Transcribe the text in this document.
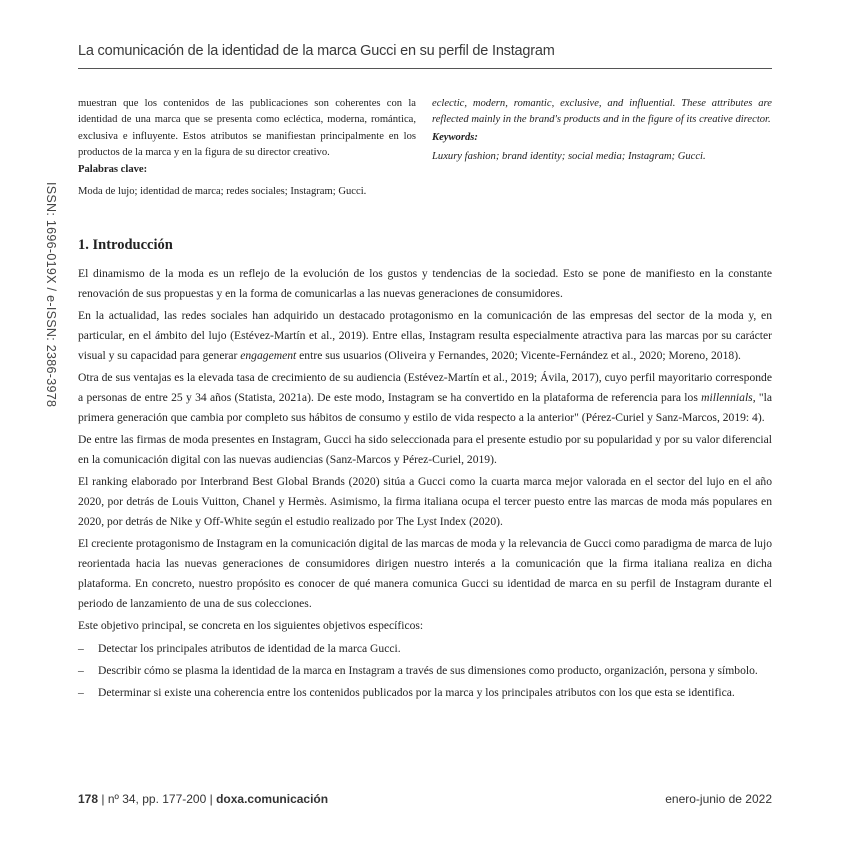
La comunicación de la identidad de la marca Gucci en su perfil de Instagram
ISSN: 1696-019X / e-ISSN: 2386-3978
muestran que los contenidos de las publicaciones son coherentes con la identidad de una marca que se presenta como ecléctica, moderna, romántica, exclusiva e influyente. Estos atributos se manifiestan principalmente en los productos de la marca y en la figura de su director creativo.
Palabras clave:
Moda de lujo; identidad de marca; redes sociales; Instagram; Gucci.
eclectic, modern, romantic, exclusive, and influential. These attributes are reflected mainly in the brand's products and in the figure of its creative director.
Keywords:
Luxury fashion; brand identity; social media; Instagram; Gucci.
1. Introducción

El dinamismo de la moda es un reflejo de la evolución de los gustos y tendencias de la sociedad. Esto se pone de manifiesto en la constante renovación de sus propuestas y en la forma de comunicarlas a las nuevas generaciones de consumidores.

En la actualidad, las redes sociales han adquirido un destacado protagonismo en la comunicación de las empresas del sector de la moda y, en particular, en el ámbito del lujo (Estévez-Martín et al., 2019). Entre ellas, Instagram resulta especialmente atractiva para las marcas por su carácter visual y su capacidad para generar engagement entre sus usuarios (Oliveira y Fernandes, 2020; Vicente-Fernández et al., 2020; Moreno, 2018).

Otra de sus ventajas es la elevada tasa de crecimiento de su audiencia (Estévez-Martín et al., 2019; Ávila, 2017), cuyo perfil mayoritario corresponde a personas de entre 25 y 34 años (Statista, 2021a). De este modo, Instagram se ha convertido en la plataforma de referencia para los millennials, "la primera generación que cambia por completo sus hábitos de consumo y estilo de vida respecto a la anterior" (Pérez-Curiel y Sanz-Marcos, 2019: 4).

De entre las firmas de moda presentes en Instagram, Gucci ha sido seleccionada para el presente estudio por su popularidad y por su valor diferencial en la comunicación digital con las nuevas audiencias (Sanz-Marcos y Pérez-Curiel, 2019).

El ranking elaborado por Interbrand Best Global Brands (2020) sitúa a Gucci como la cuarta marca mejor valorada en el sector del lujo en el año 2020, por detrás de Louis Vuitton, Chanel y Hermès. Asimismo, la firma italiana ocupa el tercer puesto entre las marcas de moda más populares en 2020, por detrás de Nike y Off-White según el estudio realizado por The Lyst Index (2020).

El creciente protagonismo de Instagram en la comunicación digital de las marcas de moda y la relevancia de Gucci como paradigma de marca de lujo reorientada hacia las nuevas generaciones de consumidores dirigen nuestro interés a la comunicación que la firma italiana realiza en dicha plataforma. En concreto, nuestro propósito es conocer de qué manera comunica Gucci su identidad de marca en su perfil de Instagram durante el periodo de lanzamiento de una de sus colecciones.

Este objetivo principal, se concreta en los siguientes objetivos específicos:

– Detectar los principales atributos de identidad de la marca Gucci.
– Describir cómo se plasma la identidad de la marca en Instagram a través de sus dimensiones como producto, organización, persona y símbolo.
– Determinar si existe una coherencia entre los contenidos publicados por la marca y los principales atributos con los que esta se identifica.
178 | nº 34, pp. 177-200 | doxa.comunicación	enero-junio de 2022
